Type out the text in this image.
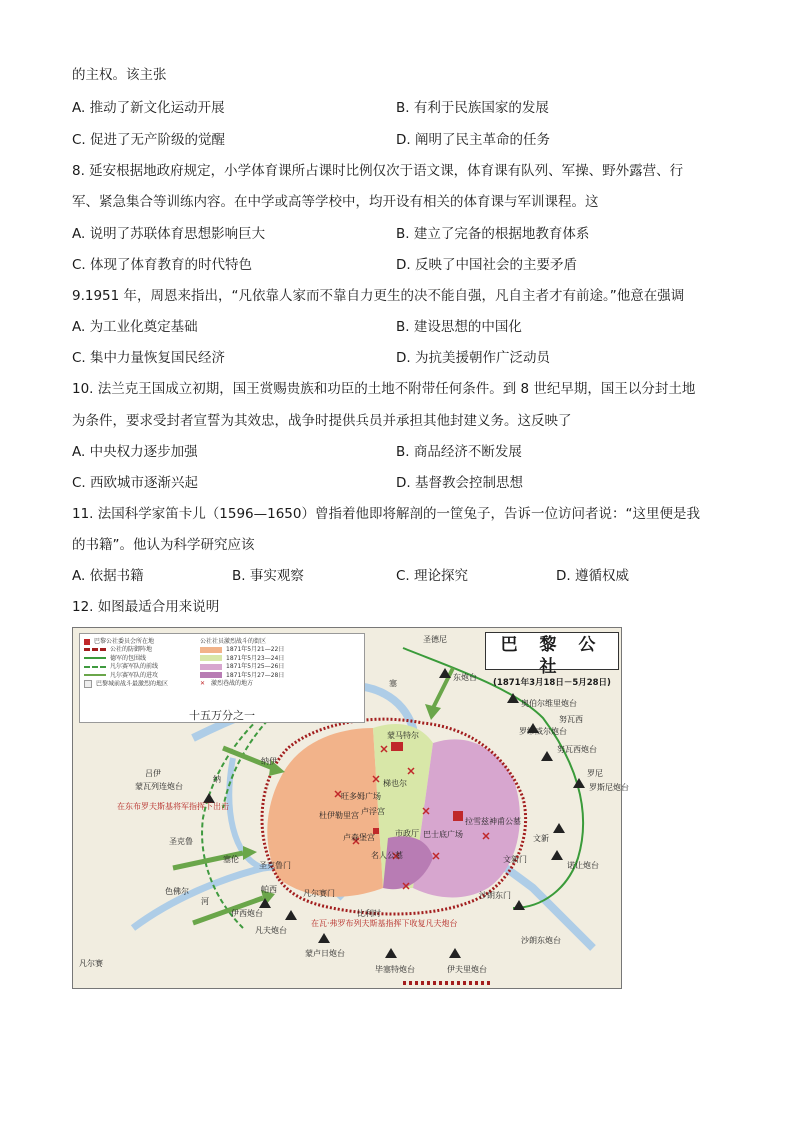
的主权。该主张
A. 推动了新文化运动开展	B. 有利于民族国家的发展
C. 促进了无产阶级的觉醒	D. 阐明了民主革命的任务
8. 延安根据地政府规定，小学体育课所占课时比例仅次于语文课，体育课有队列、军操、野外露营、行
军、紧急集合等训练内容。在中学或高等学校中，均开设有相关的体育课与军训课程。这
A. 说明了苏联体育思想影响巨大	B. 建立了完备的根据地教育体系
C. 体现了体育教育的时代特色	D. 反映了中国社会的主要矛盾
9.1951 年，周恩来指出，“凡依靠人家而不靠自力更生的决不能自强，凡自主者才有前途。”他意在强调
A. 为工业化奠定基础	B. 建设思想的中国化
C. 集中力量恢复国民经济	D. 为抗美援朝作广泛动员
10. 法兰克王国成立初期，国王赏赐贵族和功臣的土地不附带任何条件。到 8 世纪早期，国王以分封土地
为条件，要求受封者宣誓为其效忠，战争时提供兵员并承担其他封建义务。这反映了
A. 中央权力逐步加强	B. 商品经济不断发展
C. 西欧城市逐渐兴起	D. 基督教会控制思想
11. 法国科学家笛卡儿（1596—1650）曾指着他即将解剖的一筐兔子，告诉一位访问者说：“这里便是我
的书籍”。他认为科学研究应该
A. 依据书籍	B. 事实观察	C. 理论探究	D. 遵循权威
12. 如图最适合用来说明
巴黎公社委员会所在地
公社的防御阵地
德军的包围线
凡尔赛军队的前线
凡尔赛军队的进攻
巴黎城前战斗最激烈的地区
公社社员激烈战斗的街区
1871年5月21—22日
1871年5月23—24日
1871年5月25—26日
1871年5月27—28日
✕ 激烈巷战的地方
十五万分之一
巴 黎 公 社
(1871年3月18日－5月28日)
圣德尼
东炮台
奥伯尔维里炮台
努瓦西
罗缪威尔炮台
努瓦西炮台
罗尼
罗斯尼炮台
吕伊
纳伊
蒙马特尔
蒙瓦列连炮台
旺多姆广场
梯也尔
杜伊勒里宫 卢浮宫
卢森堡宫	市政厅 巴士底广场
拉雪兹神甫公墓
名人公墓
文新
圣克鲁
塞伦
帕西
色佛尔
伊西炮台
凡夫炮台
蒙卢日炮台
毕塞特炮台	伊夫里炮台
沙朗东门
沙朗东炮台
诺让炮台
文新门
凡尔赛
凡尔赛门
圣克鲁门
比利时
塞
纳
河
在东布罗夫斯基将军指挥下出击
在瓦·弗罗布列夫斯基指挥下收复凡夫炮台
